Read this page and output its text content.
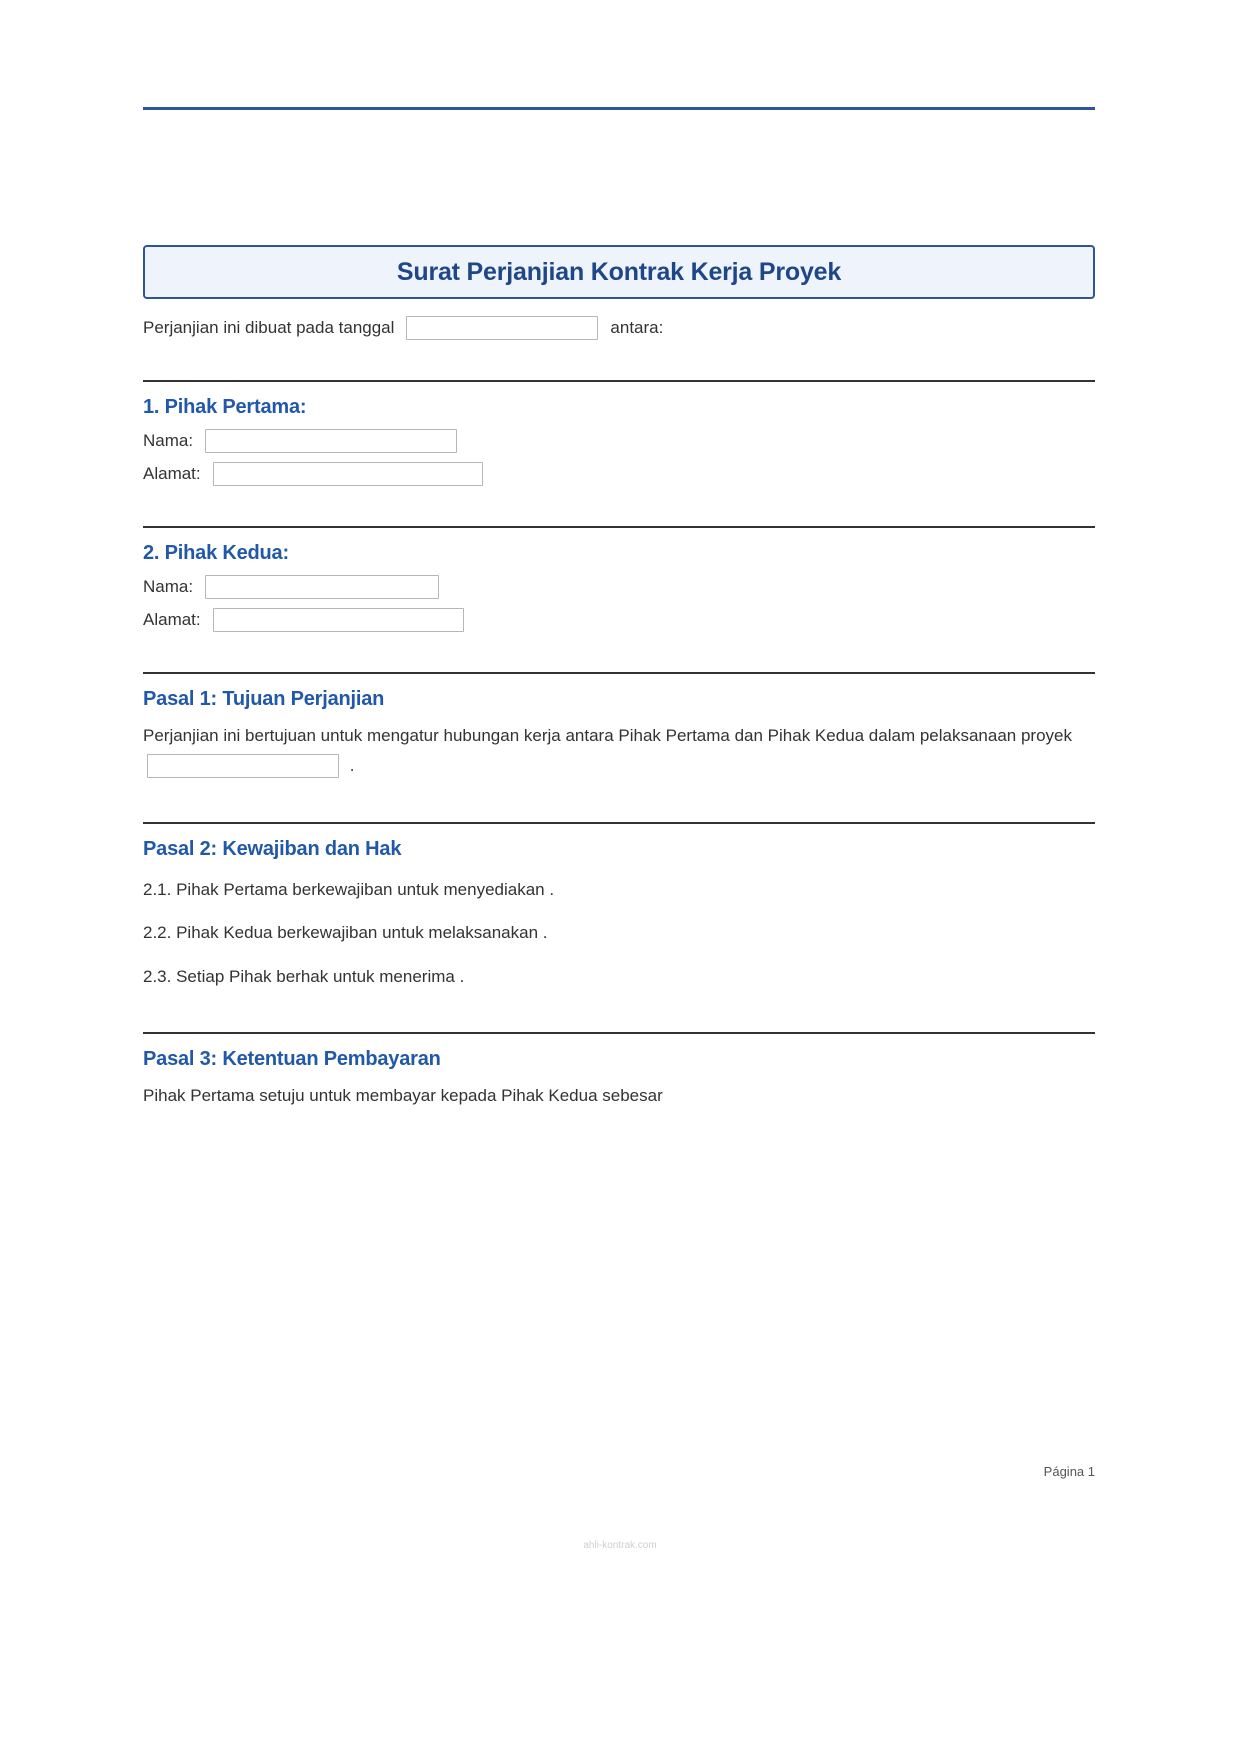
Surat Perjanjian Kontrak Kerja Proyek
Perjanjian ini dibuat pada tanggal	antara:
1. Pihak Pertama:
Nama:
Alamat:
2. Pihak Kedua:
Nama:
Alamat:
Pasal 1: Tujuan Perjanjian
Perjanjian ini bertujuan untuk mengatur hubungan kerja antara Pihak Pertama dan Pihak Kedua dalam pelaksanaan proyek  .
Pasal 2: Kewajiban dan Hak
2.1. Pihak Pertama berkewajiban untuk menyediakan .
2.2. Pihak Kedua berkewajiban untuk melaksanakan .
2.3. Setiap Pihak berhak untuk menerima .
Pasal 3: Ketentuan Pembayaran
Pihak Pertama setuju untuk membayar kepada Pihak Kedua sebesar
Página 1
ahli-kontrak.com
